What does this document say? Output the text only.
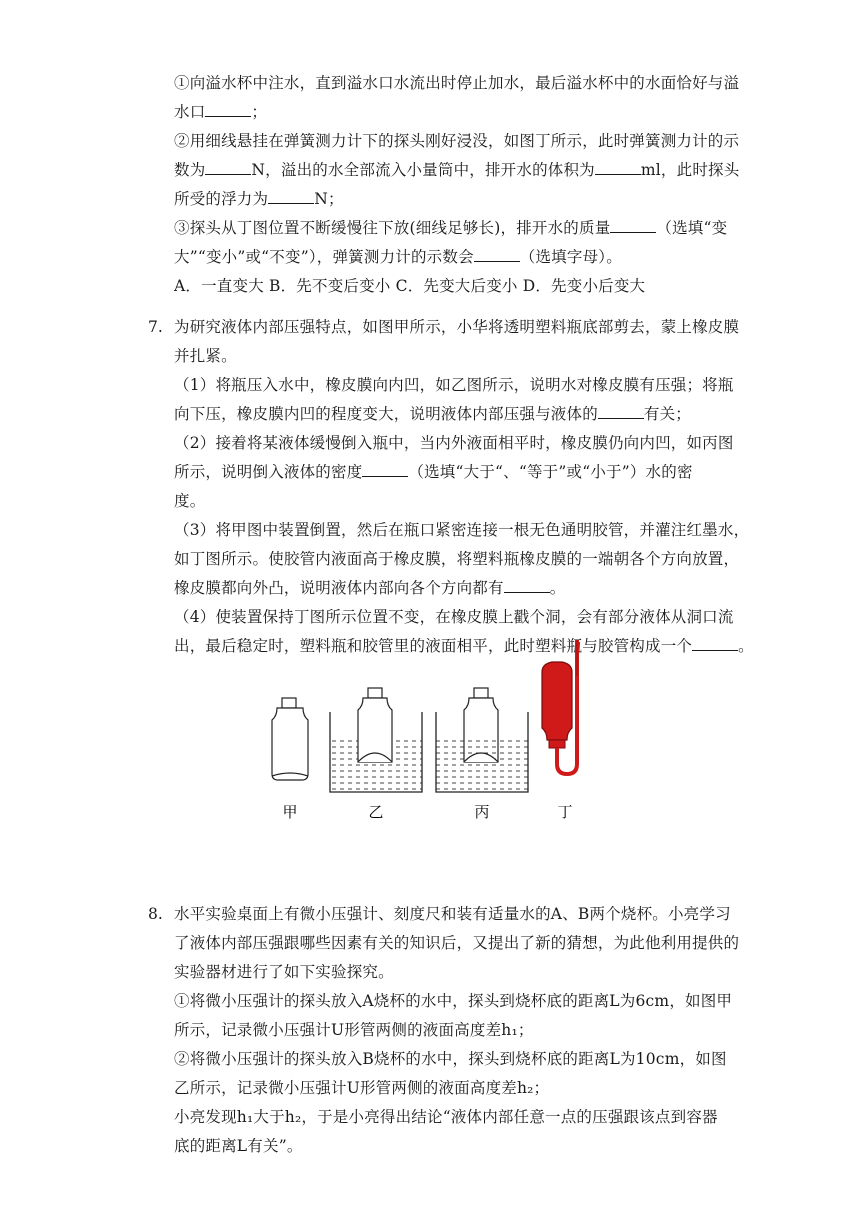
①向溢水杯中注水，直到溢水口水流出时停止加水，最后溢水杯中的水面恰好与溢
水口	；
②用细线悬挂在弹簧测力计下的探头刚好浸没，如图丁所示，此时弹簧测力计的示
数为	N，溢出的水全部流入小量筒中，排开水的体积为	ml，此时探头
所受的浮力为	N；
③探头从丁图位置不断缓慢往下放(细线足够长)，排开水的质量	（选填“变
大”“变小”或“不变”），弹簧测力计的示数会	（选填字母）。
A．一直变大 B．先不变后变小 C．先变大后变小 D．先变小后变大
7. 为研究液体内部压强特点，如图甲所示，小华将透明塑料瓶底部剪去，蒙上橡皮膜
并扎紧。
（1）将瓶压入水中，橡皮膜向内凹，如乙图所示，说明水对橡皮膜有压强；将瓶
向下压，橡皮膜内凹的程度变大，说明液体内部压强与液体的	有关；
（2）接着将某液体缓慢倒入瓶中，当内外液面相平时，橡皮膜仍向内凹，如丙图
所示，说明倒入液体的密度	（选填“大于“、“等于”或“小于”）水的密
度。
（3）将甲图中装置倒置，然后在瓶口紧密连接一根无色通明胶管，并灌注红墨水，
如丁图所示。使胶管内液面高于橡皮膜，将塑料瓶橡皮膜的一端朝各个方向放置，
橡皮膜都向外凸，说明液体内部向各个方向都有	。
（4）使装置保持丁图所示位置不变，在橡皮膜上戳个洞，会有部分液体从洞口流
出，最后稳定时，塑料瓶和胶管里的液面相平，此时塑料瓶与胶管构成一个	。
甲	乙	丙	丁
8. 水平实验桌面上有微小压强计、刻度尺和装有适量水的A、B两个烧杯。小亮学习
了液体内部压强跟哪些因素有关的知识后，又提出了新的猜想，为此他利用提供的
实验器材进行了如下实验探究。
①将微小压强计的探头放入A烧杯的水中，探头到烧杯底的距离L为6cm，如图甲
所示，记录微小压强计U形管两侧的液面高度差h₁；
②将微小压强计的探头放入B烧杯的水中，探头到烧杯底的距离L为10cm，如图
乙所示，记录微小压强计U形管两侧的液面高度差h₂；
小亮发现h₁大于h₂，于是小亮得出结论“液体内部任意一点的压强跟该点到容器
底的距离L有关”。
